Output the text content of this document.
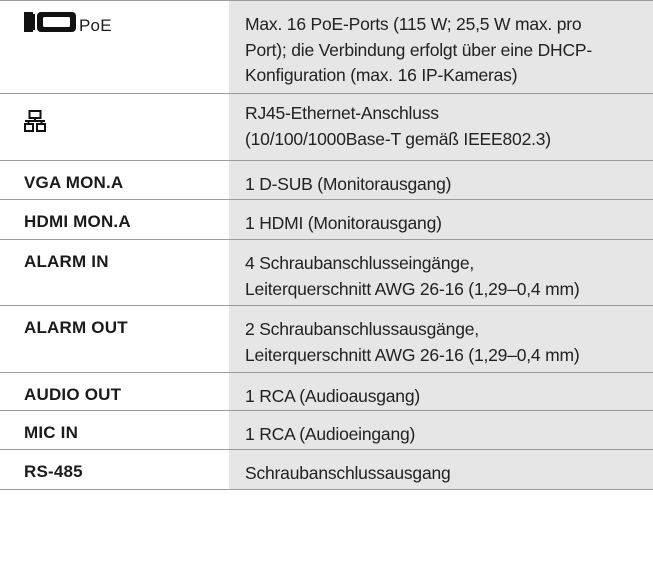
PoE	Max. 16 PoE-Ports (115 W; 25,5 W max. pro
Port); die Verbindung erfolgt über eine DHCP-
Konfiguration (max. 16 IP-Kameras)

RJ45-Ethernet-Anschluss
(10/100/1000Base-T gemäß IEEE802.3)

VGA MON.A	1 D-SUB (Monitorausgang)

HDMI MON.A	1 HDMI (Monitorausgang)

ALARM IN	4 Schraubanschlusseingänge,
Leiterquerschnitt AWG 26-16 (1,29–0,4 mm)

ALARM OUT	2 Schraubanschlussausgänge,
Leiterquerschnitt AWG 26-16 (1,29–0,4 mm)

AUDIO OUT	1 RCA (Audioausgang)

MIC IN	1 RCA (Audioeingang)

RS-485	Schraubanschlussausgang
